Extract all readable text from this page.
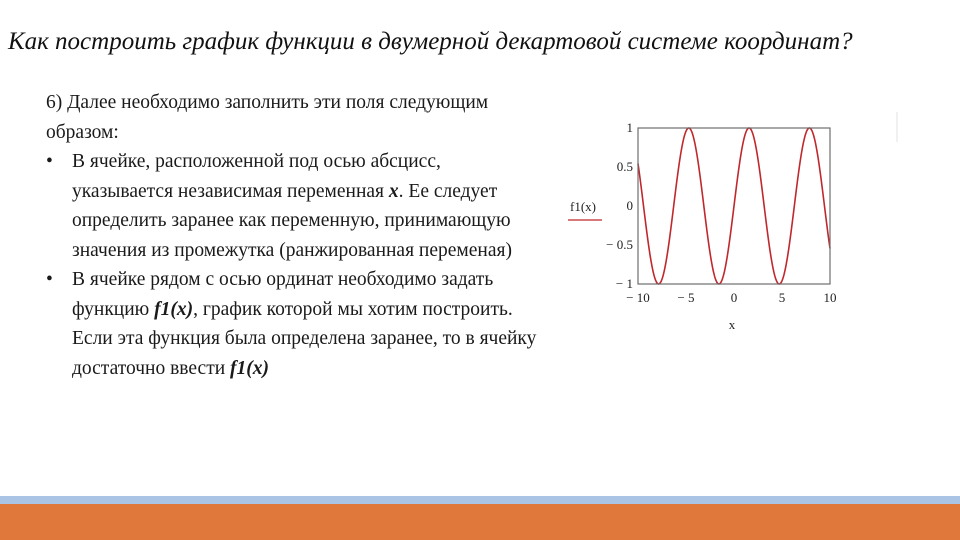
Как построить график функции в двумерной декартовой системе координат?

6) Далее необходимо заполнить эти поля следующим образом:

• В ячейке, расположенной под осью абсцисс, указывается независимая переменная x. Ее следует определить заранее как переменную, принимающую значения из промежутка (ранжированная переменая)

• В ячейке рядом с осью ординат необходимо задать функцию f1(x), график которой мы хотим построить. Если эта функция была определена заранее, то в ячейку достаточно ввести f1(x)

f1(x)
x
− 10 − 5	0	5	10
1
0.5
0
− 0.5
− 1
